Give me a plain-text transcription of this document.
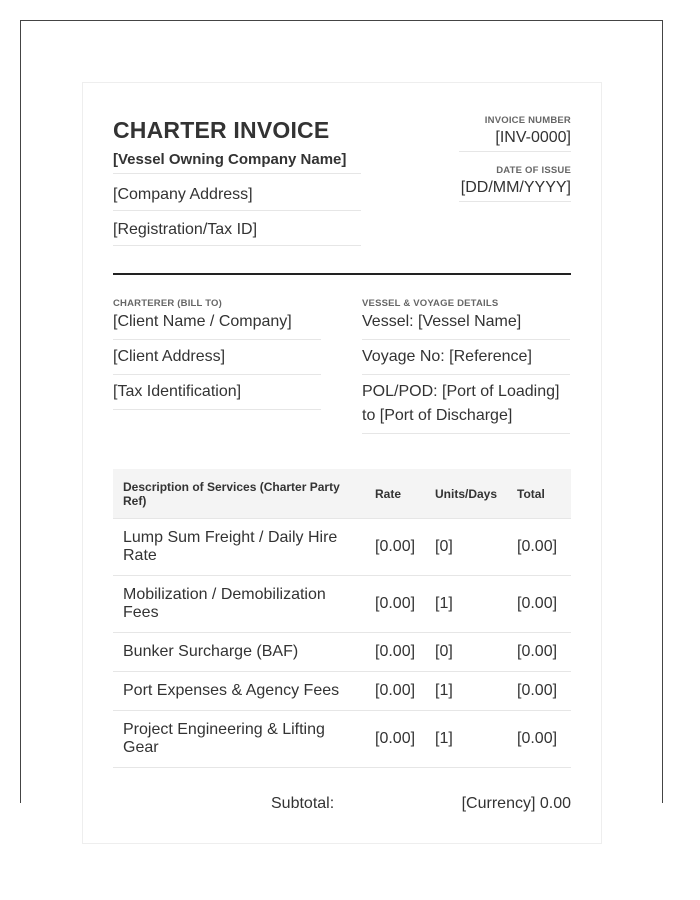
CHARTER INVOICE
[Vessel Owning Company Name]
[Company Address]
[Registration/Tax ID]
INVOICE NUMBER
[INV-0000]
DATE OF ISSUE
[DD/MM/YYYY]
CHARTERER (BILL TO)
[Client Name / Company]
[Client Address]
[Tax Identification]
VESSEL & VOYAGE DETAILS
Vessel: [Vessel Name]
Voyage No: [Reference]
POL/POD: [Port of Loading] to [Port of Discharge]
Description of Services (Charter Party Ref)	Rate	Units/Days	Total
Lump Sum Freight / Daily Hire Rate	[0.00]	[0]	[0.00]
Mobilization / Demobilization Fees	[0.00]	[1]	[0.00]
Bunker Surcharge (BAF)	[0.00]	[0]	[0.00]
Port Expenses & Agency Fees	[0.00]	[1]	[0.00]
Project Engineering & Lifting Gear	[0.00]	[1]	[0.00]
Subtotal:	[Currency] 0.00
